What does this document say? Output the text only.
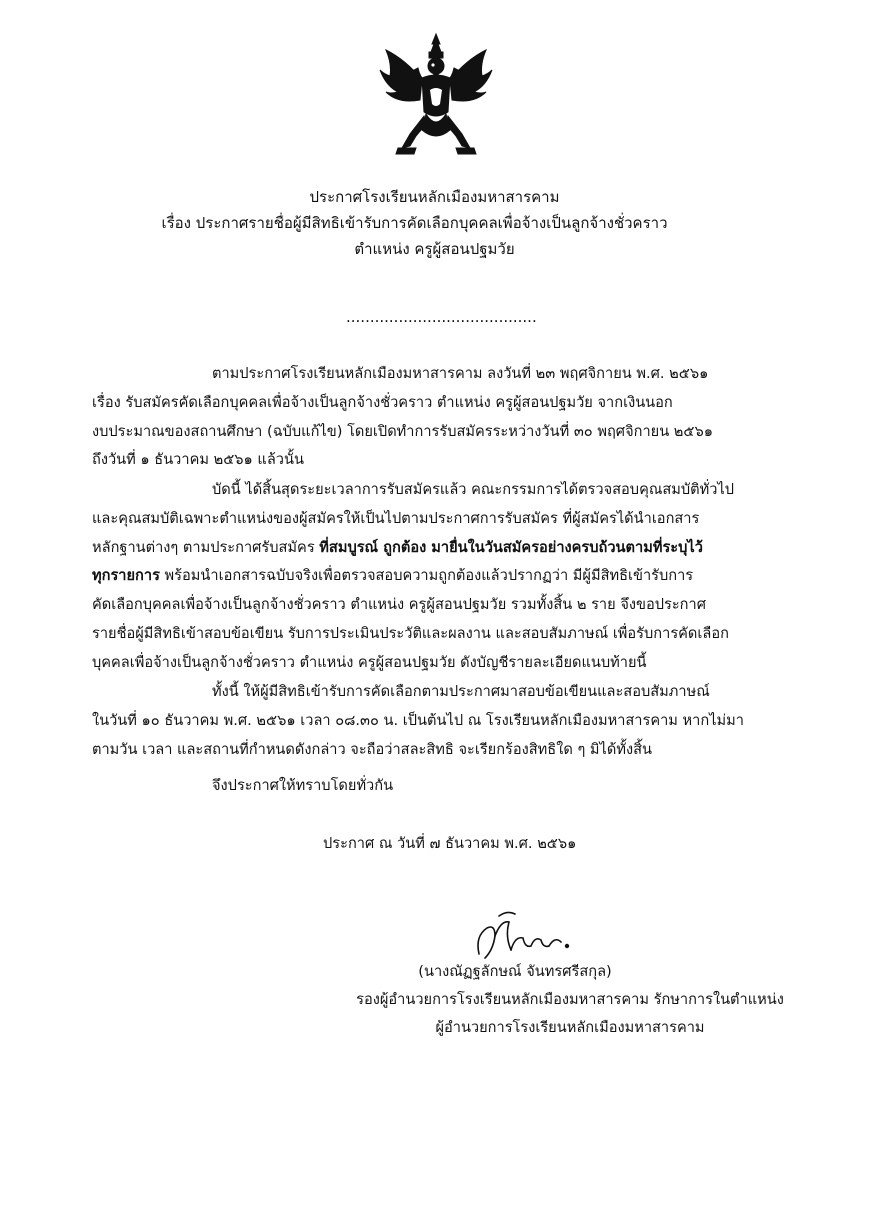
ประกาศโรงเรียนหลักเมืองมหาสารคาม
เรื่อง ประกาศรายชื่อผู้มีสิทธิเข้ารับการคัดเลือกบุคคลเพื่อจ้างเป็นลูกจ้างชั่วคราว
ตำแหน่ง ครูผู้สอนปฐมวัย
........................................

ตามประกาศโรงเรียนหลักเมืองมหาสารคาม ลงวันที่ ๒๓ พฤศจิกายน พ.ศ. ๒๕๖๑

เรื่อง รับสมัครคัดเลือกบุคคลเพื่อจ้างเป็นลูกจ้างชั่วคราว ตำแหน่ง ครูผู้สอนปฐมวัย จากเงินนอก

งบประมาณของสถานศึกษา (ฉบับแก้ไข) โดยเปิดทำการรับสมัครระหว่างวันที่ ๓๐ พฤศจิกายน ๒๕๖๑

ถึงวันที่ ๑ ธันวาคม ๒๕๖๑ แล้วนั้น

บัดนี้ ได้สิ้นสุดระยะเวลาการรับสมัครแล้ว คณะกรรมการได้ตรวจสอบคุณสมบัติทั่วไป

และคุณสมบัติเฉพาะตำแหน่งของผู้สมัครให้เป็นไปตามประกาศการรับสมัคร ที่ผู้สมัครได้นำเอกสาร

หลักฐานต่างๆ ตามประกาศรับสมัคร ที่สมบูรณ์ ถูกต้อง มายื่นในวันสมัครอย่างครบถ้วนตามที่ระบุไว้

ทุกรายการ พร้อมนำเอกสารฉบับจริงเพื่อตรวจสอบความถูกต้องแล้วปรากฏว่า มีผู้มีสิทธิเข้ารับการ

คัดเลือกบุคคลเพื่อจ้างเป็นลูกจ้างชั่วคราว ตำแหน่ง ครูผู้สอนปฐมวัย รวมทั้งสิ้น ๒ ราย จึงขอประกาศ

รายชื่อผู้มีสิทธิเข้าสอบข้อเขียน รับการประเมินประวัติและผลงาน และสอบสัมภาษณ์ เพื่อรับการคัดเลือก

บุคคลเพื่อจ้างเป็นลูกจ้างชั่วคราว ตำแหน่ง ครูผู้สอนปฐมวัย ดังบัญชีรายละเอียดแนบท้ายนี้

ทั้งนี้ ให้ผู้มีสิทธิเข้ารับการคัดเลือกตามประกาศมาสอบข้อเขียนและสอบสัมภาษณ์

ในวันที่ ๑๐ ธันวาคม พ.ศ. ๒๕๖๑ เวลา ๐๘.๓๐ น. เป็นต้นไป ณ โรงเรียนหลักเมืองมหาสารคาม หากไม่มา

ตามวัน เวลา และสถานที่กำหนดดังกล่าว จะถือว่าสละสิทธิ จะเรียกร้องสิทธิใด ๆ มิได้ทั้งสิ้น

จึงประกาศให้ทราบโดยทั่วกัน
ประกาศ ณ วันที่ ๗ ธันวาคม พ.ศ. ๒๕๖๑
(นางณัฏฐลักษณ์ จันทรศรีสกุล)
รองผู้อำนวยการโรงเรียนหลักเมืองมหาสารคาม รักษาการในตำแหน่ง
ผู้อำนวยการโรงเรียนหลักเมืองมหาสารคาม
